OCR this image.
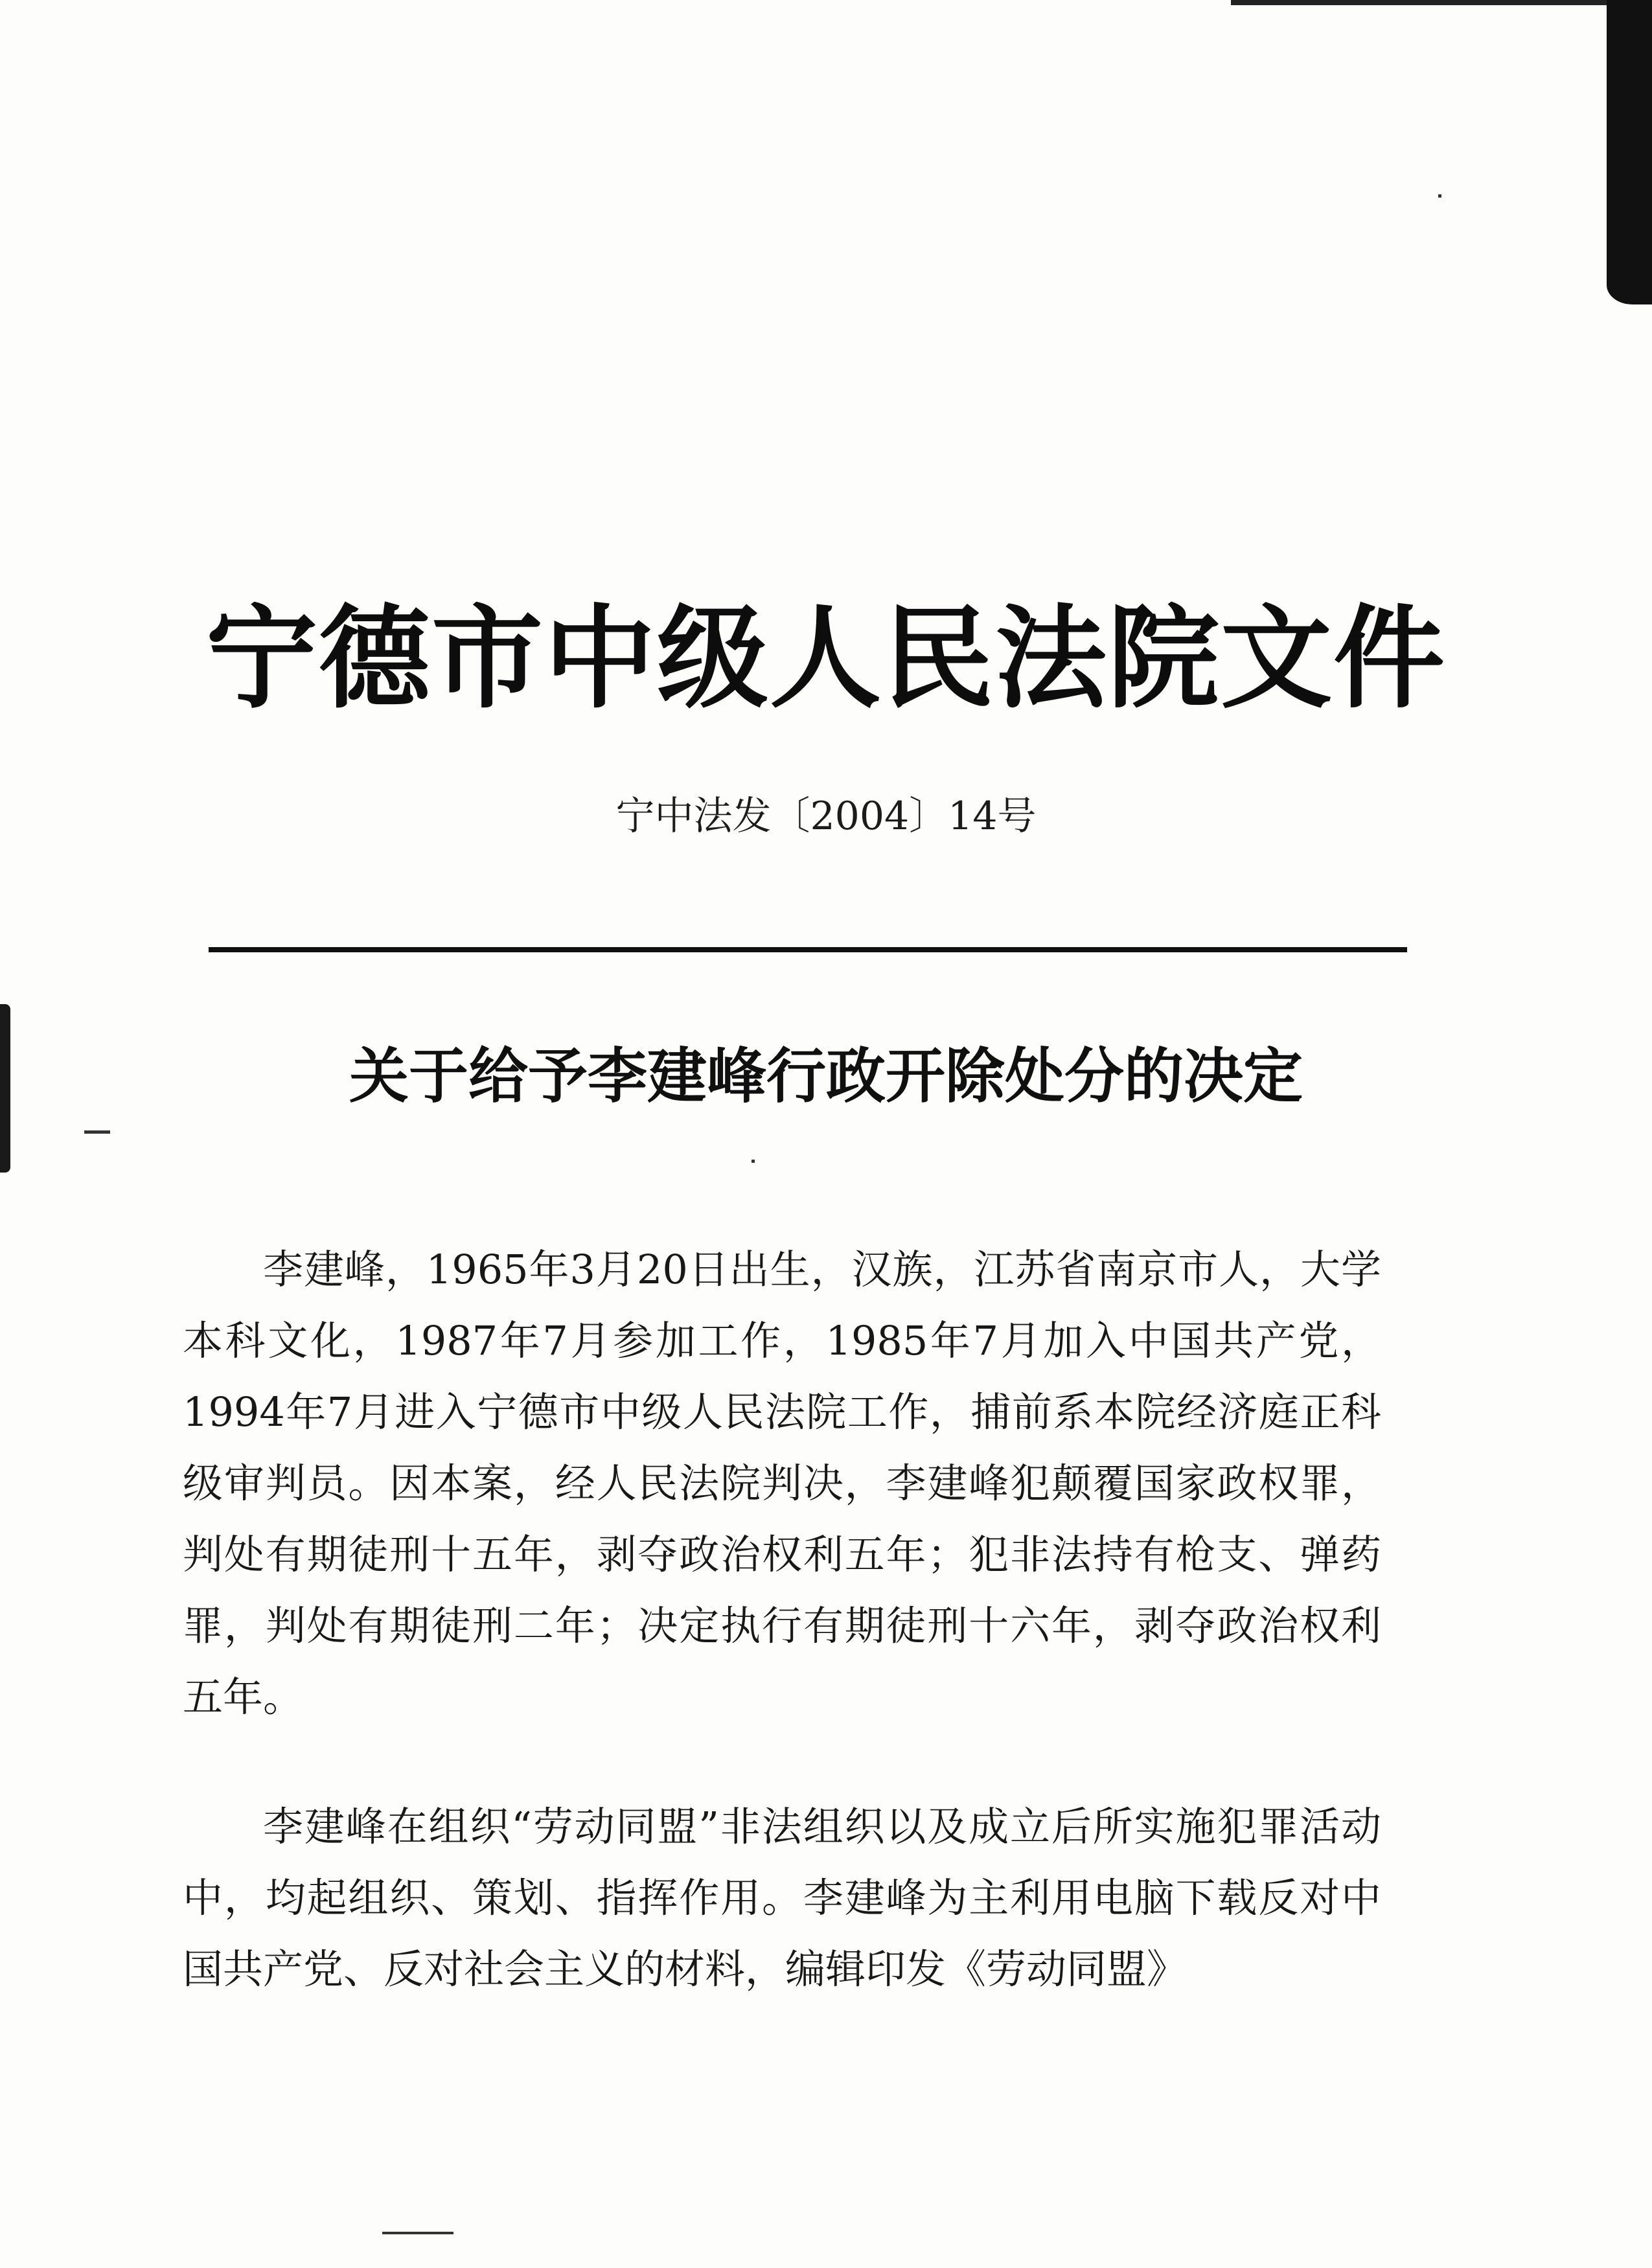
宁德市中级人民法院文件
宁中法发〔2004〕14号
关于给予李建峰行政开除处分的决定

李建峰，1965年3月20日出生，汉族，江苏省南京市人，大学本科文化，1987年7月参加工作，1985年7月加入中国共产党，1994年7月进入宁德市中级人民法院工作，捕前系本院经济庭正科级审判员。因本案，经人民法院判决，李建峰犯颠覆国家政权罪，判处有期徒刑十五年，剥夺政治权利五年；犯非法持有枪支、弹药罪，判处有期徒刑二年；决定执行有期徒刑十六年，剥夺政治权利五年。

李建峰在组织“劳动同盟”非法组织以及成立后所实施犯罪活动中，均起组织、策划、指挥作用。李建峰为主利用电脑下载反对中国共产党、反对社会主义的材料，编辑印发《劳动同盟》
